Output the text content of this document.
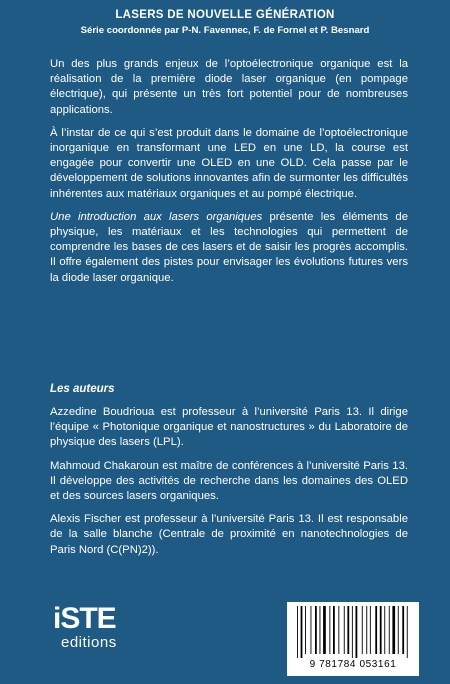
LASERS DE NOUVELLE GÉNÉRATION
Série coordonnée par P-N. Favennec, F. de Fornel et P. Besnard

Un des plus grands enjeux de l’optoélectronique organique est la réalisation de la première diode laser organique (en pompage électrique), qui présente un très fort potentiel pour de nombreuses applications.

À l’instar de ce qui s’est produit dans le domaine de l’optoélectronique inorganique en transformant une LED en une LD, la course est engagée pour convertir une OLED en une OLD. Cela passe par le développement de solutions innovantes afin de surmonter les difficultés inhérentes aux matériaux organiques et au pompé électrique.

Une introduction aux lasers organiques présente les éléments de physique, les matériaux et les technologies qui permettent de comprendre les bases de ces lasers et de saisir les progrès accomplis. Il offre également des pistes pour envisager les évolutions futures vers la diode laser organique.

Les auteurs

Azzedine Boudrioua est professeur à l’université Paris 13. Il dirige l’équipe « Photonique organique et nanostructures » du Laboratoire de physique des lasers (LPL).

Mahmoud Chakaroun est maître de conférences à l’université Paris 13. Il développe des activités de recherche dans les domaines des OLED et des sources lasers organiques.

Alexis Fischer est professeur à l’université Paris 13. Il est responsable de la salle blanche (Centrale de proximité en nanotechnologies de Paris Nord (C(PN)2)).

iSTE
editions
9 781784 053161
